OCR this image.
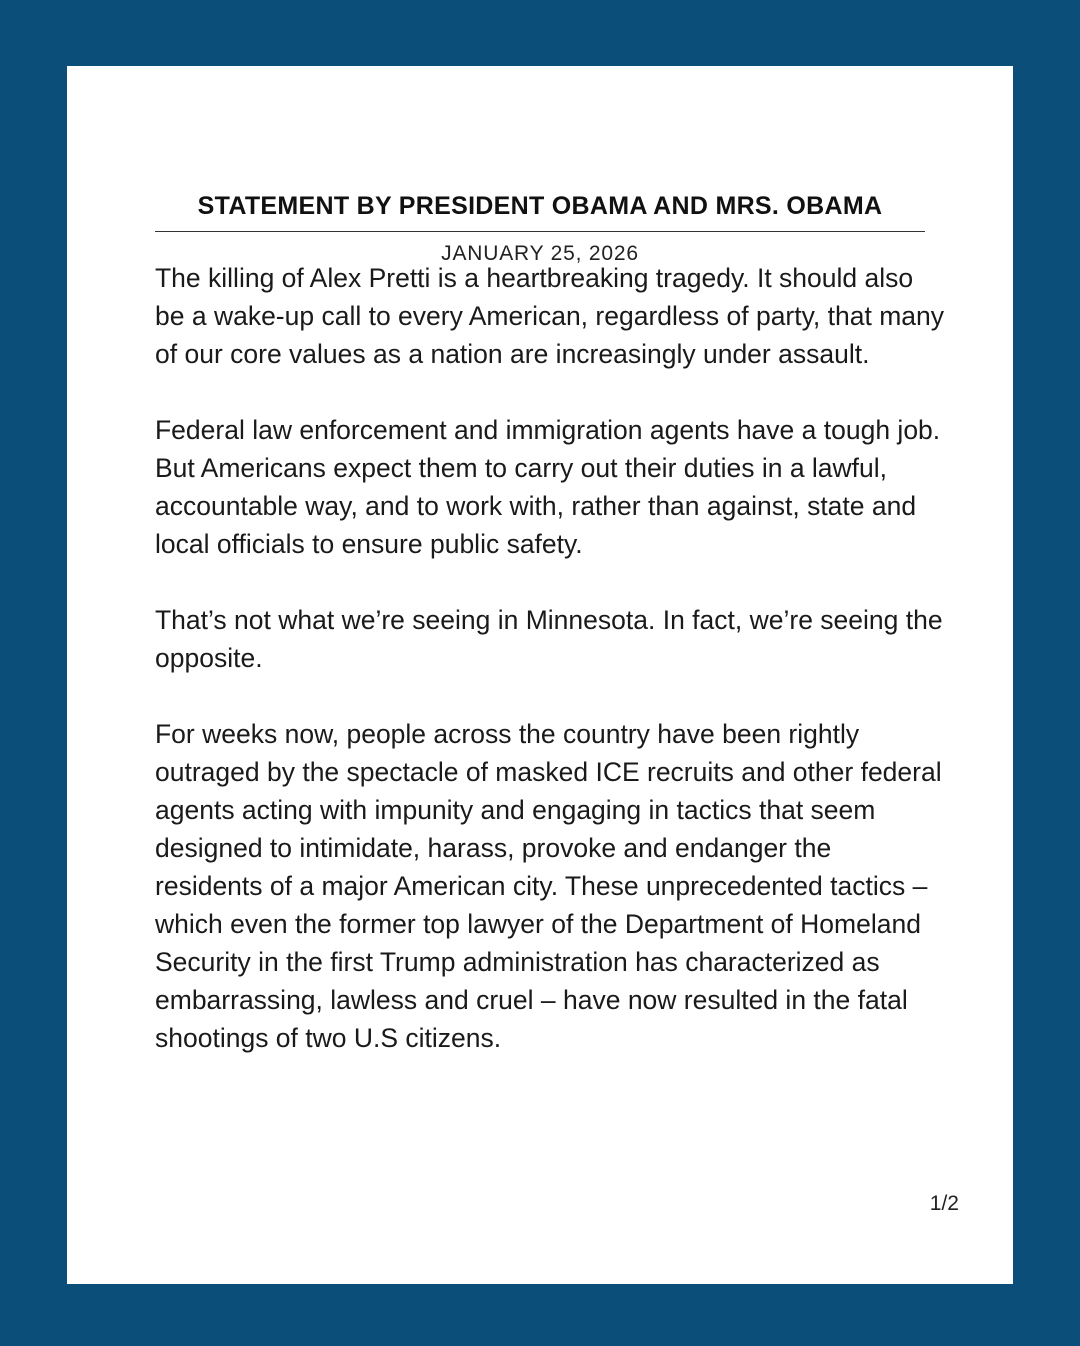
STATEMENT BY PRESIDENT OBAMA AND MRS. OBAMA
JANUARY 25, 2026

The killing of Alex Pretti is a heartbreaking tragedy. It should also be a wake-up call to every American, regardless of party, that many of our core values as a nation are increasingly under assault.

Federal law enforcement and immigration agents have a tough job. But Americans expect them to carry out their duties in a lawful, accountable way, and to work with, rather than against, state and local officials to ensure public safety.

That’s not what we’re seeing in Minnesota. In fact, we’re seeing the opposite.

For weeks now, people across the country have been rightly outraged by the spectacle of masked ICE recruits and other federal agents acting with impunity and engaging in tactics that seem designed to intimidate, harass, provoke and endanger the residents of a major American city. These unprecedented tactics – which even the former top lawyer of the Department of Homeland Security in the first Trump administration has characterized as embarrassing, lawless and cruel – have now resulted in the fatal shootings of two U.S citizens.

1/2
